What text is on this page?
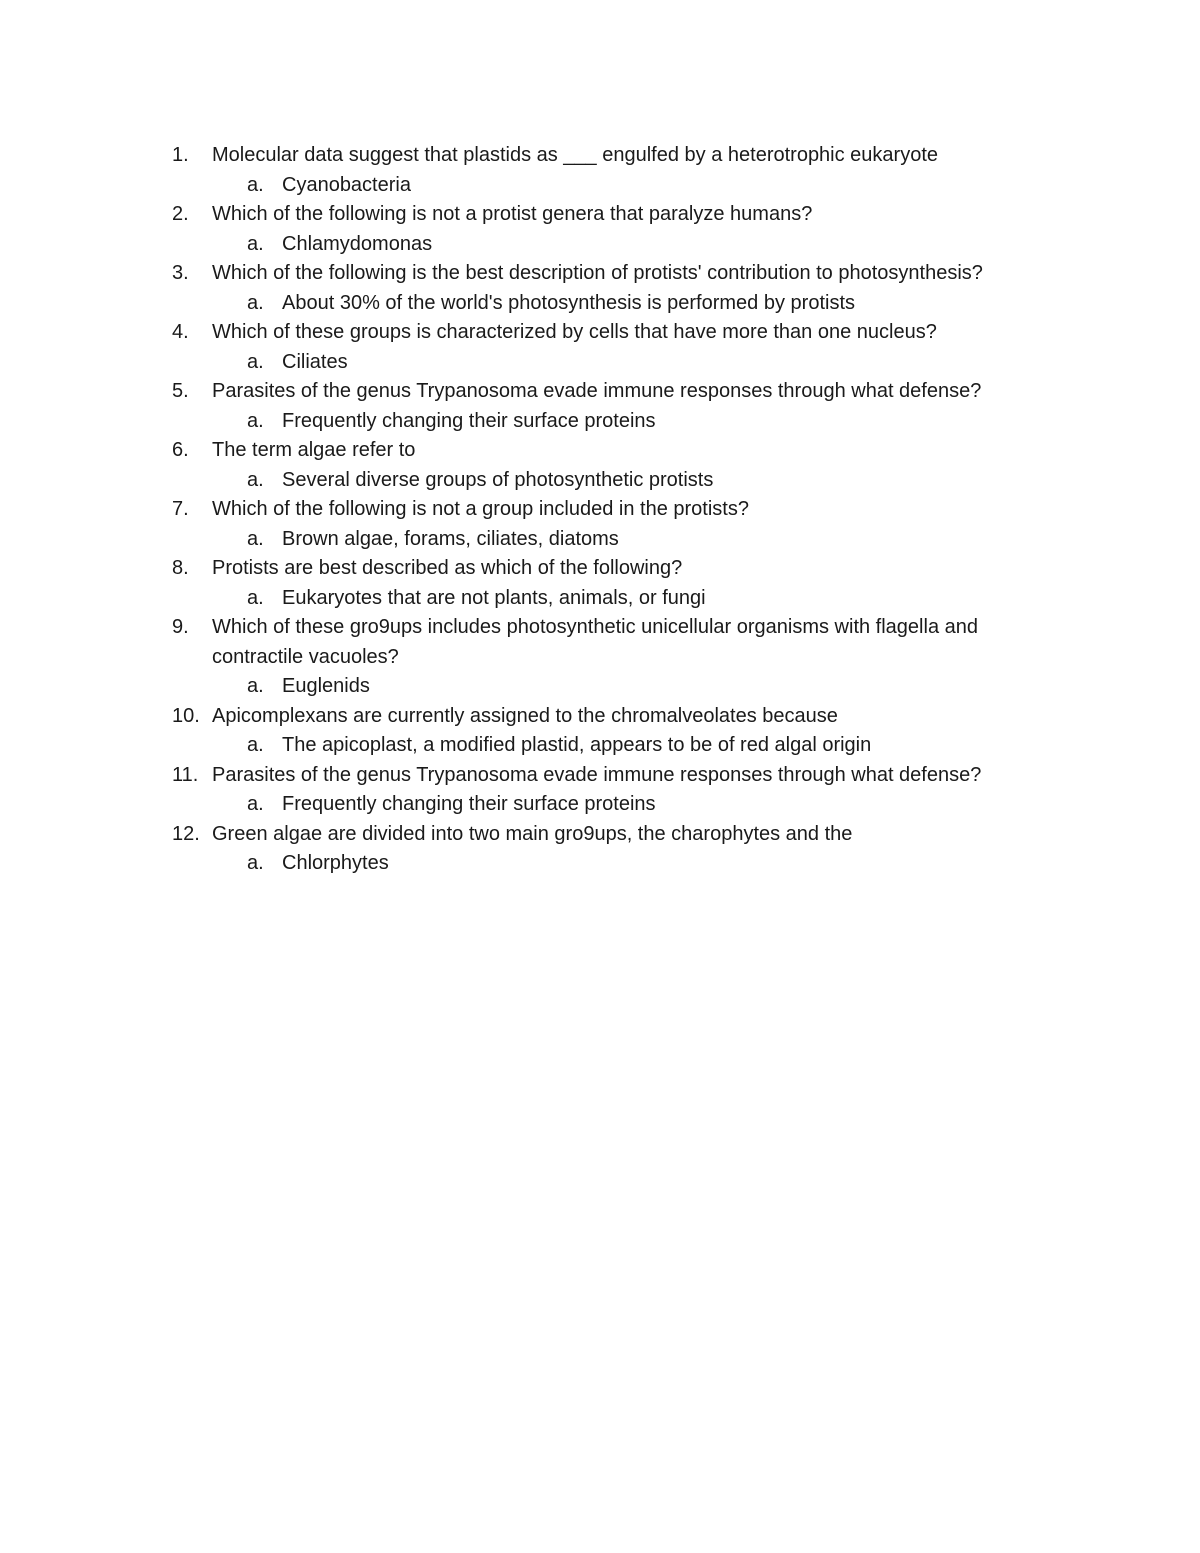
1.	Molecular data suggest that plastids as ___ engulfed by a heterotrophic eukaryote
a. Cyanobacteria
2.	Which of the following is not a protist genera that paralyze humans?
a. Chlamydomonas
3.	Which of the following is the best description of protists' contribution to photosynthesis?
a. About 30% of the world's photosynthesis is performed by protists
4.	Which of these groups is characterized by cells that have more than one nucleus?
a. Ciliates
5.	Parasites of the genus Trypanosoma evade immune responses through what defense?
a. Frequently changing their surface proteins
6.	The term algae refer to
a. Several diverse groups of photosynthetic protists
7.	Which of the following is not a group included in the protists?
a. Brown algae, forams, ciliates, diatoms
8.	Protists are best described as which of the following?
a. Eukaryotes that are not plants, animals, or fungi
9.	Which of these gro9ups includes photosynthetic unicellular organisms with flagella and contractile vacuoles?
a. Euglenids
10. Apicomplexans are currently assigned to the chromalveolates because
a. The apicoplast, a modified plastid, appears to be of red algal origin
11. Parasites of the genus Trypanosoma evade immune responses through what defense?
a. Frequently changing their surface proteins
12. Green algae are divided into two main gro9ups, the charophytes and the
a. Chlorphytes
